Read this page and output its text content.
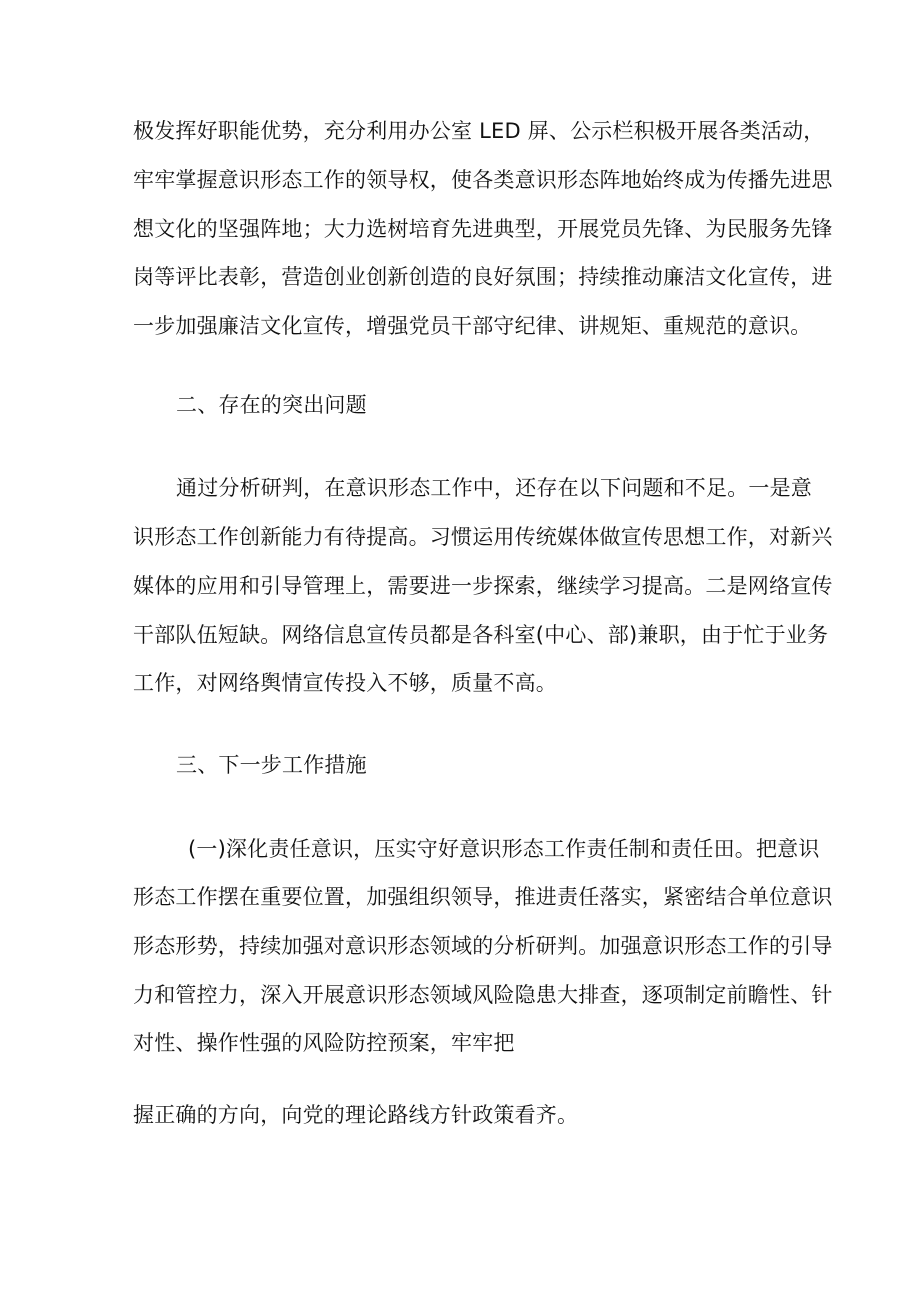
极发挥好职能优势，充分利用办公室 LED 屏、公示栏积极开展各类活动，
牢牢掌握意识形态工作的领导权，使各类意识形态阵地始终成为传播先进思
想文化的坚强阵地；大力选树培育先进典型，开展党员先锋、为民服务先锋
岗等评比表彰，营造创业创新创造的良好氛围；持续推动廉洁文化宣传，进
一步加强廉洁文化宣传，增强党员干部守纪律、讲规矩、重规范的意识。
二、存在的突出问题
通过分析研判，在意识形态工作中，还存在以下问题和不足。一是意
识形态工作创新能力有待提高。习惯运用传统媒体做宣传思想工作，对新兴
媒体的应用和引导管理上，需要进一步探索，继续学习提高。二是网络宣传
干部队伍短缺。网络信息宣传员都是各科室(中心、部)兼职，由于忙于业务
工作，对网络舆情宣传投入不够，质量不高。
三、下一步工作措施
(一)深化责任意识，压实守好意识形态工作责任制和责任田。把意识
形态工作摆在重要位置，加强组织领导，推进责任落实，紧密结合单位意识
形态形势，持续加强对意识形态领域的分析研判。加强意识形态工作的引导
力和管控力，深入开展意识形态领域风险隐患大排查，逐项制定前瞻性、针
对性、操作性强的风险防控预案，牢牢把
握正确的方向，向党的理论路线方针政策看齐。
